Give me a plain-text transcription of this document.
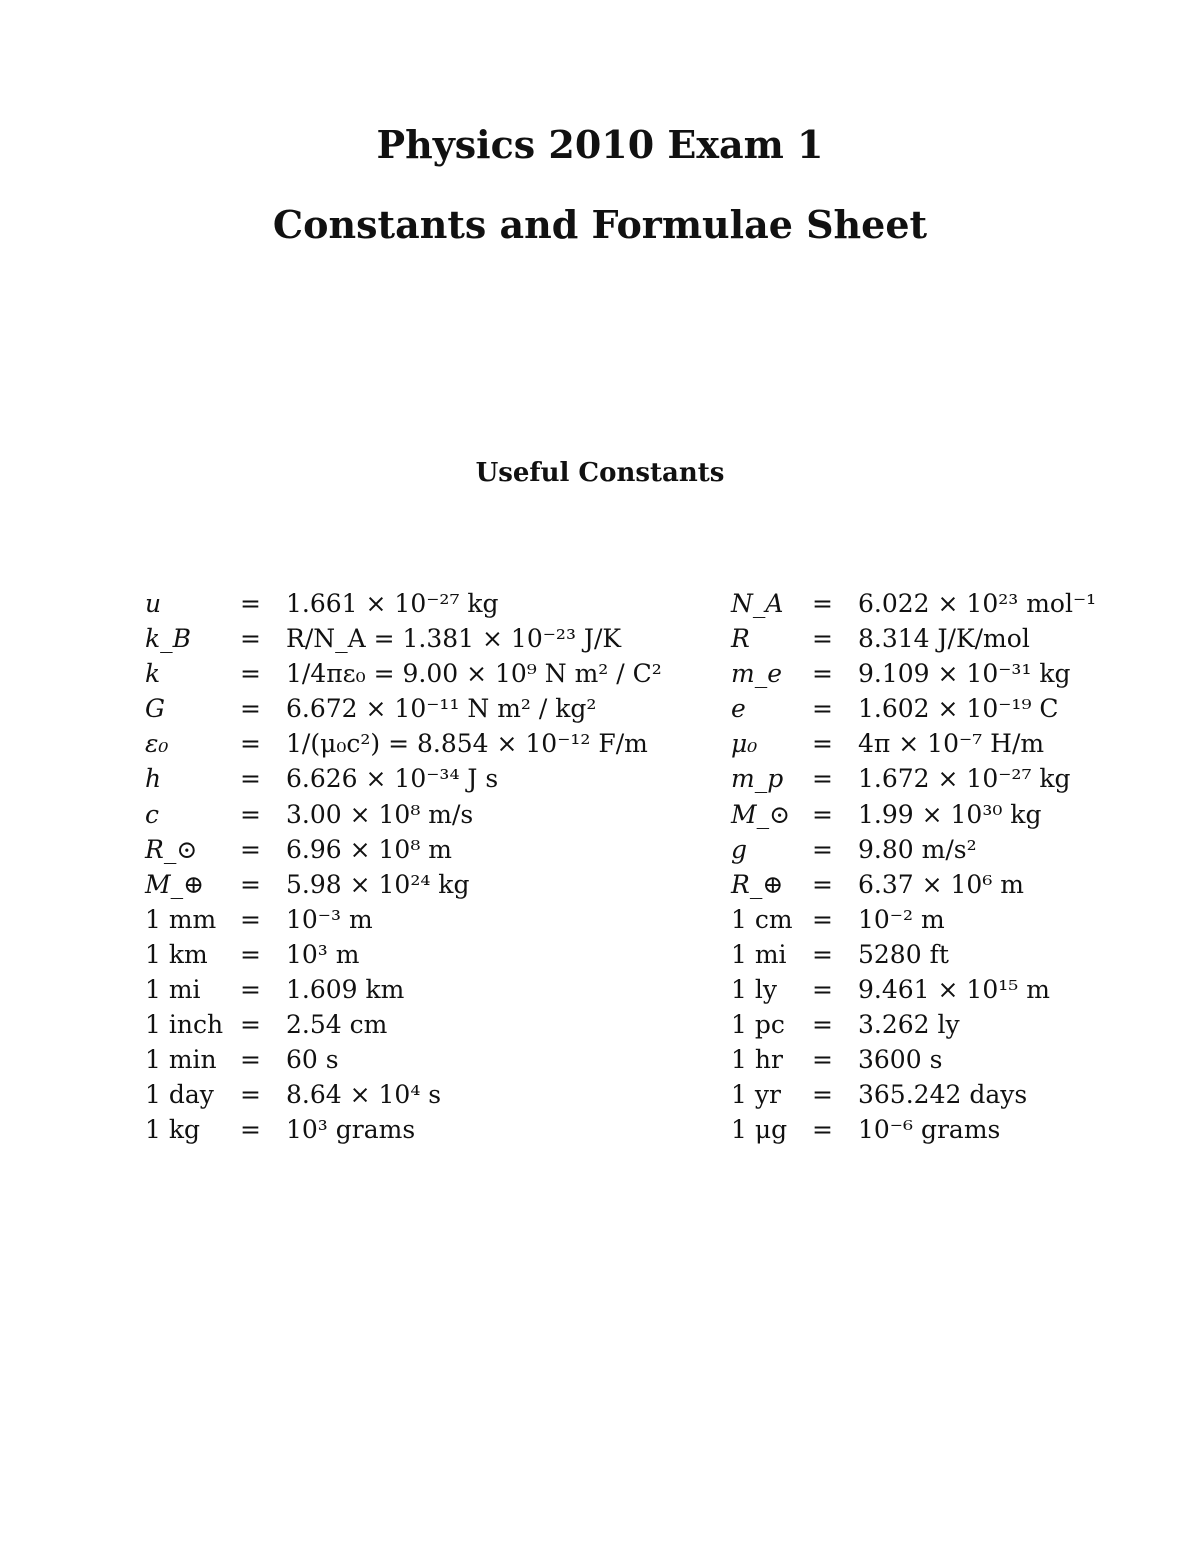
Physics 2010 Exam 1
Constants and Formulae Sheet
Useful Constants
u	= 1.661 × 10⁻²⁷ kg
k_B = R/N_A = 1.381 × 10⁻²³ J/K
k	= 1/4πε₀ = 9.00 × 10⁹ N m² / C²
G	= 6.672 × 10⁻¹¹ N m² / kg²
ε₀	= 1/(μ₀c²) = 8.854 × 10⁻¹² F/m
h	= 6.626 × 10⁻³⁴ J s
c	= 3.00 × 10⁸ m/s
R_⊙ = 6.96 × 10⁸ m
M_⊕ = 5.98 × 10²⁴ kg
1 mm = 10⁻³ m
1 km = 10³ m
1 mi = 1.609 km
1 inch = 2.54 cm
1 min = 60 s
1 day = 8.64 × 10⁴ s
1 kg = 10³ grams
N_A = 6.022 × 10²³ mol⁻¹
R = 8.314 J/K/mol
m_e = 9.109 × 10⁻³¹ kg
e	= 1.602 × 10⁻¹⁹ C
μ₀ = 4π × 10⁻⁷ H/m
m_p = 1.672 × 10⁻²⁷ kg
M_⊙ = 1.99 × 10³⁰ kg
g	= 9.80 m/s²
R_⊕ = 6.37 × 10⁶ m
1 cm = 10⁻² m
1 mi = 5280 ft
1 ly = 9.461 × 10¹⁵ m
1 pc = 3.262 ly
1 hr = 3600 s
1 yr = 365.242 days
1 μg = 10⁻⁶ grams
